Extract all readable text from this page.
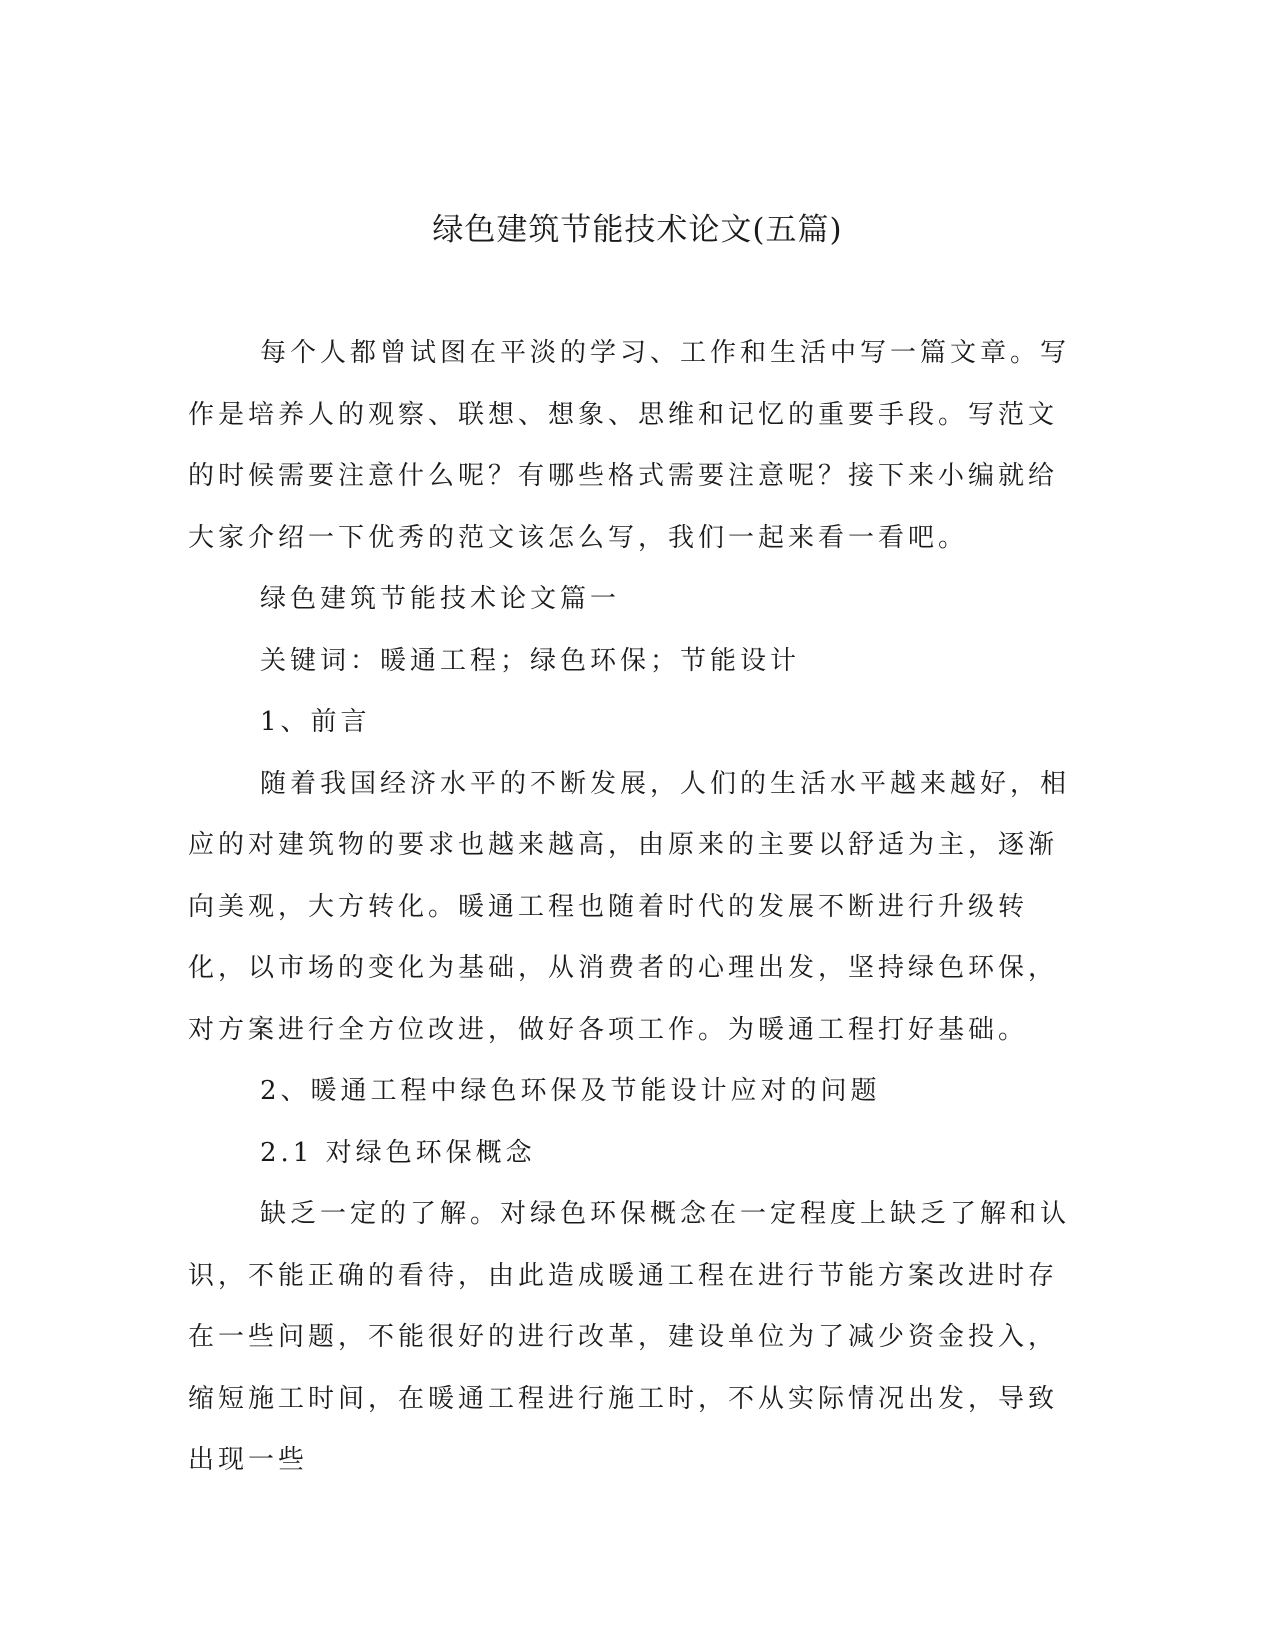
绿色建筑节能技术论文(五篇)

每个人都曾试图在平淡的学习、工作和生活中写一篇文章。写作是培养人的观察、联想、想象、思维和记忆的重要手段。写范文的时候需要注意什么呢？有哪些格式需要注意呢？接下来小编就给大家介绍一下优秀的范文该怎么写，我们一起来看一看吧。

绿色建筑节能技术论文篇一

关键词：暖通工程；绿色环保；节能设计

1、前言

随着我国经济水平的不断发展，人们的生活水平越来越好，相应的对建筑物的要求也越来越高，由原来的主要以舒适为主，逐渐向美观，大方转化。暖通工程也随着时代的发展不断进行升级转化，以市场的变化为基础，从消费者的心理出发，坚持绿色环保，对方案进行全方位改进，做好各项工作。为暖通工程打好基础。

2、暖通工程中绿色环保及节能设计应对的问题

2.1 对绿色环保概念

缺乏一定的了解。对绿色环保概念在一定程度上缺乏了解和认识，不能正确的看待，由此造成暖通工程在进行节能方案改进时存在一些问题，不能很好的进行改革，建设单位为了减少资金投入，缩短施工时间，在暖通工程进行施工时，不从实际情况出发，导致出现一些
